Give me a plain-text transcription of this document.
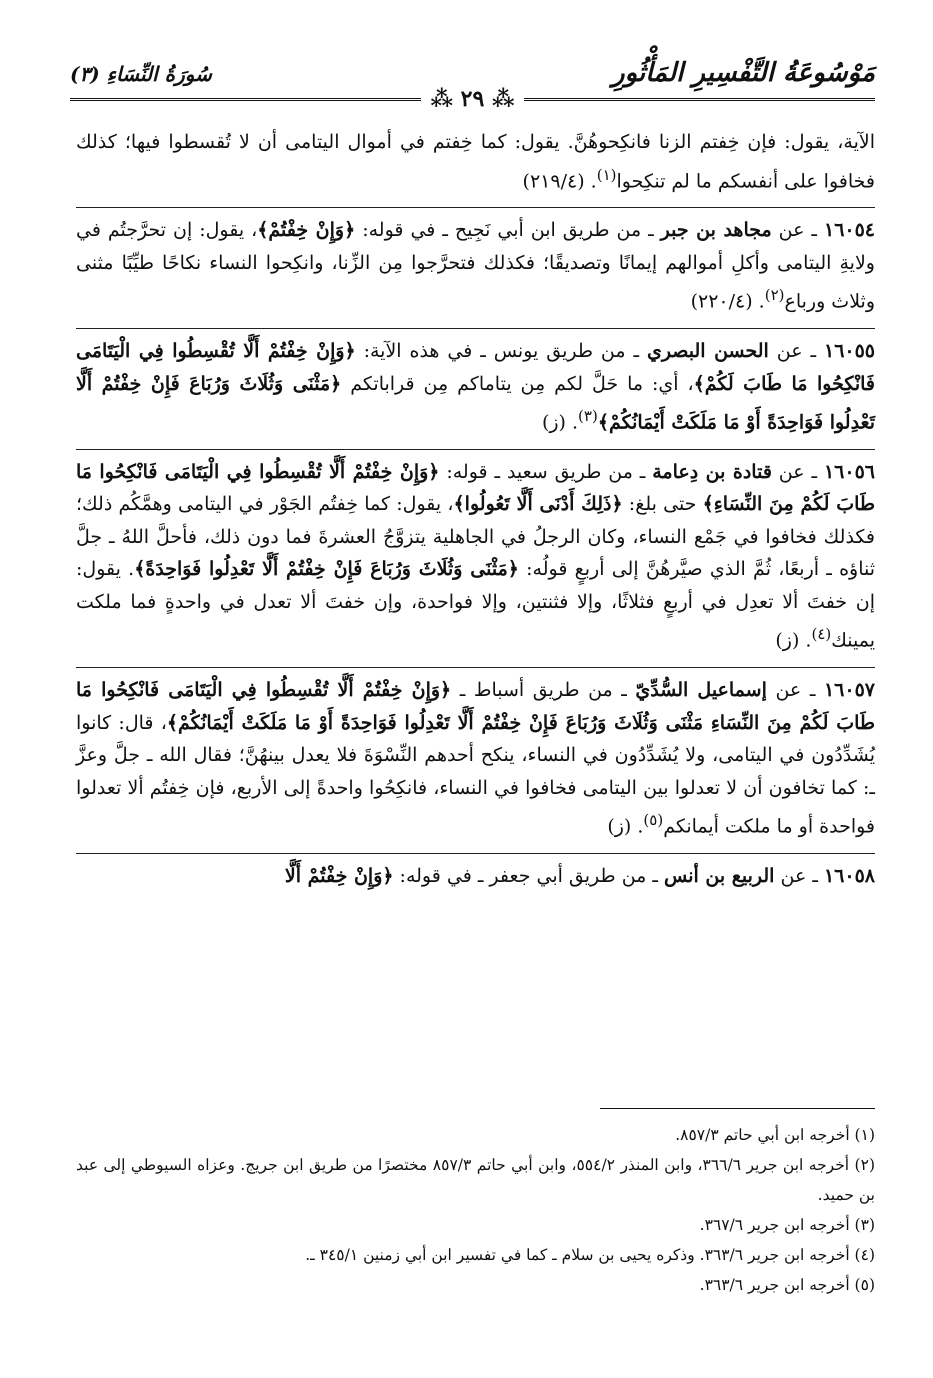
مَوْسُوعَةُ التَّفْسِيرِ المَأْثُورِ
سُورَةُ النِّسَاءِ (٣)
⁂ ٢٩ ⁂

الآية، يقول: فإن خِفتم الزنا فانكِحوهُنَّ. يقول: كما خِفتم في أموال اليتامى أن لا تُقسطوا فيها؛ كذلك فخافوا على أنفسكم ما لم تنكِحوا$^{(١)}$. (٢١٩/٤)

١٦٠٥٤ ـ عن مجاهد بن جبر ـ من طريق ابن أبي نَجِيح ـ في قوله: ﴿وَإِنْ خِفْتُمْ﴾، يقول: إن تحرَّجتُم في ولايةِ اليتامى وأكلِ أموالهم إيمانًا وتصديقًا؛ فكذلك فتحرَّجوا مِن الزِّنا، وانكِحوا النساء نكاحًا طيِّبًا مثنى وثلاث ورباع$^{(٢)}$. (٢٢٠/٤)

١٦٠٥٥ ـ عن الحسن البصري ـ من طريق يونس ـ في هذه الآية: ﴿وَإِنْ خِفْتُمْ أَلَّا تُقْسِطُوا فِي الْيَتَامَى فَانْكِحُوا مَا طَابَ لَكُمْ﴾، أي: ما حَلَّ لكم مِن يتاماكم مِن قراباتكم ﴿مَثْنَى وَثُلَاثَ وَرُبَاعَ فَإِنْ خِفْتُمْ أَلَّا تَعْدِلُوا فَوَاحِدَةً أَوْ مَا مَلَكَتْ أَيْمَانُكُمْ﴾$^{(٣)}$. (ز)

١٦٠٥٦ ـ عن قتادة بن دِعامة ـ من طريق سعيد ـ قوله: ﴿وَإِنْ خِفْتُمْ أَلَّا تُقْسِطُوا فِي الْيَتَامَى فَانْكِحُوا مَا طَابَ لَكُمْ مِنَ النِّسَاءِ﴾ حتى بلغ: ﴿ذَلِكَ أَدْنَى أَلَّا تَعُولُوا﴾، يقول: كما خِفتُم الجَوْر في اليتامى وهمَّكُم ذلك؛ فكذلك فخافوا في جَمْع النساء، وكان الرجلُ في الجاهلية يتزوَّجُ العشرةَ فما دون ذلك، فأحلَّ اللهُ ـ جلَّ ثناؤه ـ أربعًا، ثُمَّ الذي صيَّرهُنَّ إلى أربعٍ قولُه: ﴿مَثْنَى وَثُلَاثَ وَرُبَاعَ فَإِنْ خِفْتُمْ أَلَّا تَعْدِلُوا فَوَاحِدَةً﴾. يقول: إن خفتَ ألا تعدِل في أربعٍ فثلاثًا، وإلا فثنتين، وإلا فواحدة، وإن خفتَ ألا تعدل في واحدةٍ فما ملكت يمينك$^{(٤)}$. (ز)

١٦٠٥٧ ـ عن إسماعيل السُّدِّيّ ـ من طريق أسباط ـ ﴿وَإِنْ خِفْتُمْ أَلَّا تُقْسِطُوا فِي الْيَتَامَى فَانْكِحُوا مَا طَابَ لَكُمْ مِنَ النِّسَاءِ مَثْنَى وَثُلَاثَ وَرُبَاعَ فَإِنْ خِفْتُمْ أَلَّا تَعْدِلُوا فَوَاحِدَةً أَوْ مَا مَلَكَتْ أَيْمَانُكُمْ﴾، قال: كانوا يُشَدِّدُون في اليتامى، ولا يُشَدِّدُون في النساء، ينكح أحدهم النِّسْوَةَ فلا يعدل بينهُنَّ؛ فقال الله ـ جلَّ وعزَّ ـ: كما تخافون أن لا تعدلوا بين اليتامى فخافوا في النساء، فانكِحُوا واحدةً إلى الأربع، فإن خِفتُم ألا تعدلوا فواحدة أو ما ملكت أيمانكم$^{(٥)}$. (ز)

١٦٠٥٨ ـ عن الربيع بن أنس ـ من طريق أبي جعفر ـ في قوله: ﴿وَإِنْ خِفْتُمْ أَلَّا

(١) أخرجه ابن أبي حاتم ٨٥٧/٣.

(٢) أخرجه ابن جرير ٣٦٦/٦، وابن المنذر ٥٥٤/٢، وابن أبي حاتم ٨٥٧/٣ مختصرًا من طريق ابن جريج. وعزاه السيوطي إلى عبد بن حميد.

(٣) أخرجه ابن جرير ٣٦٧/٦.

(٤) أخرجه ابن جرير ٣٦٣/٦. وذكره يحيى بن سلام ـ كما في تفسير ابن أبي زمنين ٣٤٥/١ ـ.

(٥) أخرجه ابن جرير ٣٦٣/٦.
